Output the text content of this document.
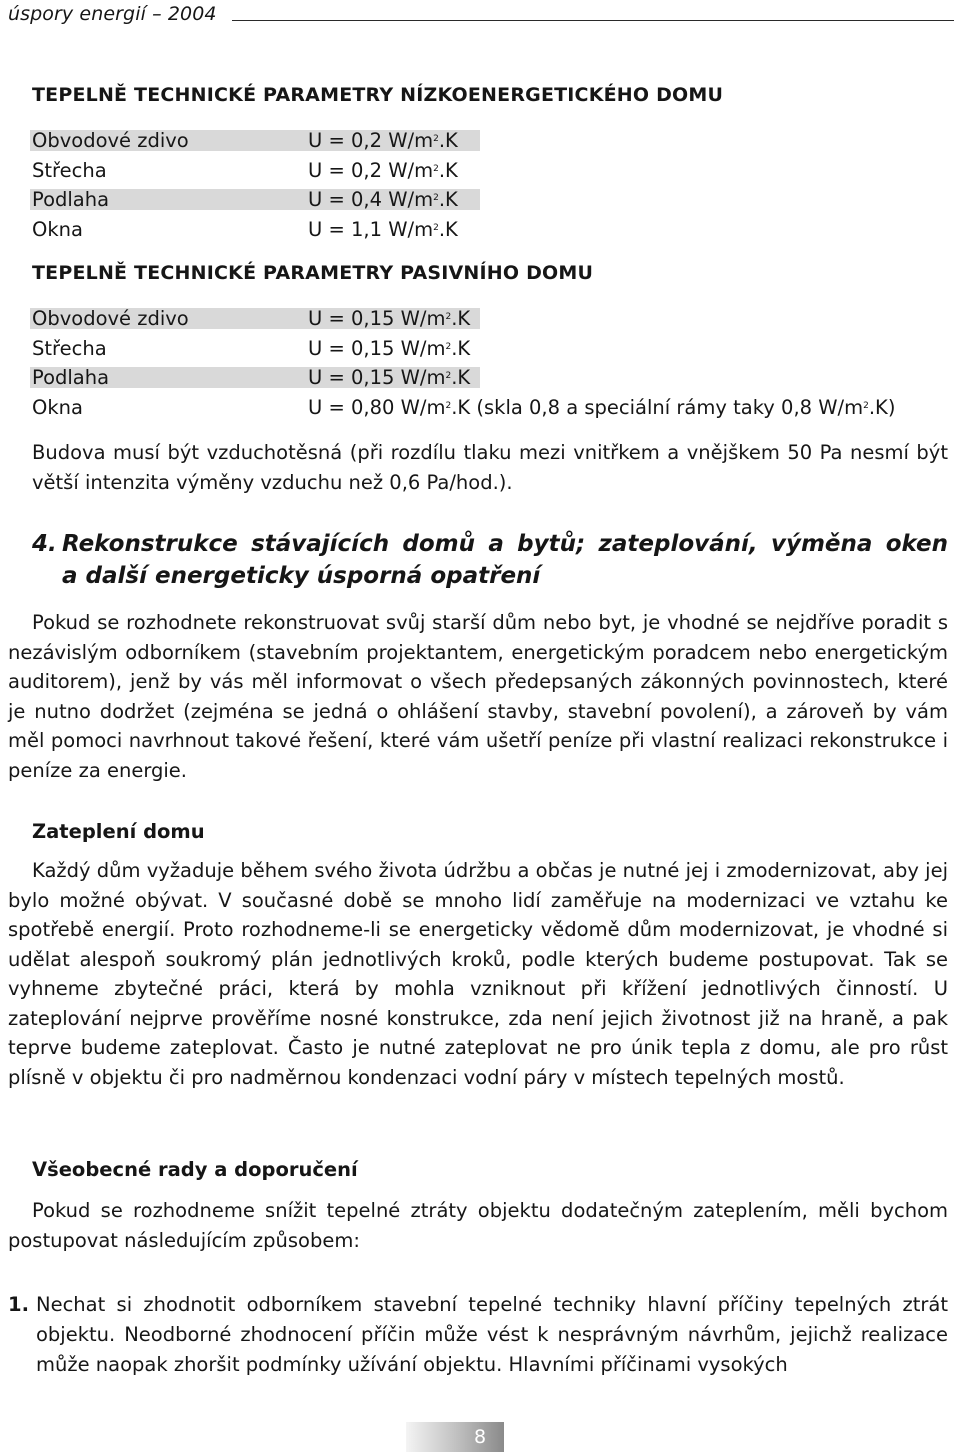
úspory energií – 2004
TEPELNĚ TECHNICKÉ PARAMETRY NÍZKOENERGETICKÉHO DOMU
Obvodové zdivo	U = 0,2 $W/m^2.K$
Střecha	U = 0,2 $W/m^2.K$
Podlaha	U = 0,4 $W/m^2.K$
Okna	U = 1,1 $W/m^2.K$
TEPELNĚ TECHNICKÉ PARAMETRY PASIVNÍHO DOMU
Obvodové zdivo	U = 0,15 $W/m^2.K$
Střecha	U = 0,15 $W/m^2.K$
Podlaha	U = 0,15 $W/m^2.K$
Okna	U = 0,80 $W/m^2.K$ (skla 0,8 a speciální rámy taky 0,8 $W/m^2.K$)

Budova musí být vzduchotěsná (při rozdílu tlaku mezi vnitřkem a vnějškem 50 Pa nesmí být větší intenzita výměny vzduchu než 0,6 Pa/hod.).

4. Rekonstrukce stávajících domů a bytů; zateplování, výměna oken
a další energeticky úsporná opatření

Pokud se rozhodnete rekonstruovat svůj starší dům nebo byt, je vhodné se nejdříve poradit s nezávislým odborníkem (stavebním projektantem, energetickým poradcem nebo energetickým auditorem), jenž by vás měl informovat o všech předepsaných zákonných povinnostech, které je nutno dodržet (zejména se jedná o ohlášení stavby, stavební povolení), a zároveň by vám měl pomoci navrhnout takové řešení, které vám ušetří peníze při vlastní realizaci rekonstrukce i peníze za energie.

Zateplení domu

Každý dům vyžaduje během svého života údržbu a občas je nutné jej i zmodernizovat, aby jej bylo možné obývat. V současné době se mnoho lidí zaměřuje na modernizaci ve vztahu ke spotřebě energií. Proto rozhodneme-li se energeticky vědomě dům modernizovat, je vhodné si udělat alespoň soukromý plán jednotlivých kroků, podle kterých budeme postupovat. Tak se vyhneme zbytečné práci, která by mohla vzniknout při křížení jednotlivých činností. U zateplování nejprve prověříme nosné konstrukce, zda není jejich životnost již na hraně, a pak teprve budeme zateplovat. Často je nutné zateplovat ne pro únik tepla z domu, ale pro růst plísně v objektu či pro nadměrnou kondenzaci vodní páry v místech tepelných mostů.

Všeobecné rady a doporučení

Pokud se rozhodneme snížit tepelné ztráty objektu dodatečným zateplením, měli bychom postupovat následujícím způsobem:

1. Nechat si zhodnotit odborníkem stavební tepelné techniky hlavní příčiny tepelných ztrát objektu. Neodborné zhodnocení příčin může vést k nesprávným návrhům, jejichž realizace může naopak zhoršit podmínky užívání objektu. Hlavními příčinami vysokých
8
